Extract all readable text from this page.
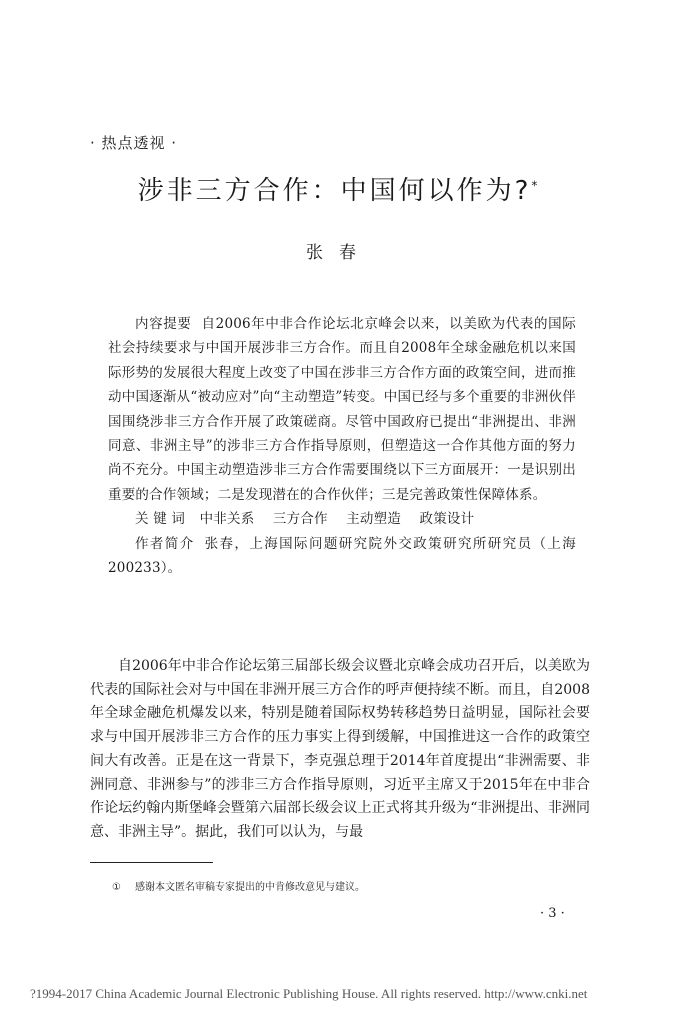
· 热点透视 ·
涉非三方合作：中国何以作为?*
张春

内容提要 自2006年中非合作论坛北京峰会以来，以美欧为代表的国际社会持续要求与中国开展涉非三方合作。而且自2008年全球金融危机以来国际形势的发展很大程度上改变了中国在涉非三方合作方面的政策空间，进而推动中国逐渐从“被动应对”向“主动塑造”转变。中国已经与多个重要的非洲伙伴国围绕涉非三方合作开展了政策磋商。尽管中国政府已提出“非洲提出、非洲同意、非洲主导”的涉非三方合作指导原则，但塑造这一合作其他方面的努力尚不充分。中国主动塑造涉非三方合作需要围绕以下三方面展开：一是识别出重要的合作领域；二是发现潜在的合作伙伴；三是完善政策性保障体系。

关 键 词 中非关系 三方合作 主动塑造 政策设计

作者简介 张春，上海国际问题研究院外交政策研究所研究员（上海　200233）。

自2006年中非合作论坛第三届部长级会议暨北京峰会成功召开后，以美欧为代表的国际社会对与中国在非洲开展三方合作的呼声便持续不断。而且，自2008年全球金融危机爆发以来，特别是随着国际权势转移趋势日益明显，国际社会要求与中国开展涉非三方合作的压力事实上得到缓解，中国推进这一合作的政策空间大有改善。正是在这一背景下，李克强总理于2014年首度提出“非洲需要、非洲同意、非洲参与”的涉非三方合作指导原则，习近平主席又于2015年在中非合作论坛约翰内斯堡峰会暨第六届部长级会议上正式将其升级为“非洲提出、非洲同意、非洲主导”。据此，我们可以认为，与最

① 感谢本文匿名审稿专家提出的中肯修改意见与建议。
· 3 ·
?1994-2017 China Academic Journal Electronic Publishing House. All rights reserved. http://www.cnki.net
